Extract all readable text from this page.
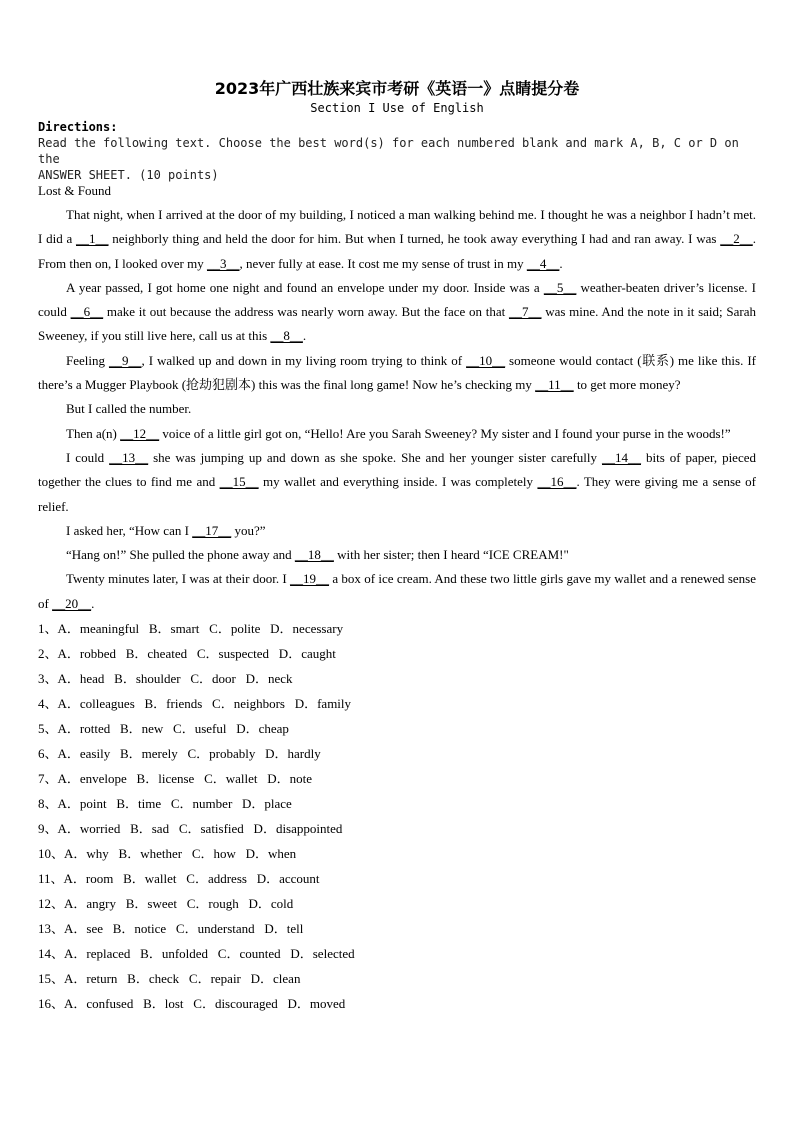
2023年广西壮族来宾市考研《英语一》点睛提分卷
Section I Use of English
Directions:
Read the following text. Choose the best word(s) for each numbered blank and mark A, B, C or D on the
ANSWER SHEET. (10 points)
Lost & Found

That night, when I arrived at the door of my building, I noticed a man walking behind me. I thought he was a neighbor I hadn’t met. I did a __1__ neighborly thing and held the door for him. But when I turned, he took away everything I had and ran away. I was __2__. From then on, I looked over my __3__, never fully at ease. It cost me my sense of trust in my __4__.

A year passed, I got home one night and found an envelope under my door. Inside was a __5__ weather-beaten driver’s license. I could __6__ make it out because the address was nearly worn away. But the face on that __7__ was mine. And the note in it said; Sarah Sweeney, if you still live here, call us at this __8__.

Feeling __9__, I walked up and down in my living room trying to think of __10__ someone would contact (联系) me like this. If there’s a Mugger Playbook (抢劫犯剧本) this was the final long game! Now he’s checking my __11__ to get more money?

But I called the number.

Then a(n) __12__ voice of a little girl got on, “Hello! Are you Sarah Sweeney? My sister and I found your purse in the woods!”

I could __13__ she was jumping up and down as she spoke. She and her younger sister carefully __14__ bits of paper, pieced together the clues to find me and __15__ my wallet and everything inside. I was completely __16__. They were giving me a sense of relief.

I asked her, “How can I __17__ you?”

“Hang on!” She pulled the phone away and __18__ with her sister; then I heard “ICE CREAM!"

Twenty minutes later, I was at their door. I __19__ a box of ice cream. And these two little girls gave my wallet and a renewed sense of __20__.

1、A．meaningful   B．smart   C．polite   D．necessary
2、A．robbed   B．cheated   C．suspected   D．caught
3、A．head   B．shoulder   C．door   D．neck
4、A．colleagues   B．friends   C．neighbors   D．family
5、A．rotted   B．new   C．useful   D．cheap
6、A．easily   B．merely   C．probably   D．hardly
7、A．envelope   B．license   C．wallet   D．note
8、A．point   B．time   C．number   D．place
9、A．worried   B．sad   C．satisfied   D．disappointed
10、A．why   B．whether   C．how   D．when
11、A．room   B．wallet   C．address   D．account
12、A．angry   B．sweet   C．rough   D．cold
13、A．see   B．notice   C．understand   D．tell
14、A．replaced   B．unfolded   C．counted   D．selected
15、A．return   B．check   C．repair   D．clean
16、A．confused   B．lost   C．discouraged   D．moved
